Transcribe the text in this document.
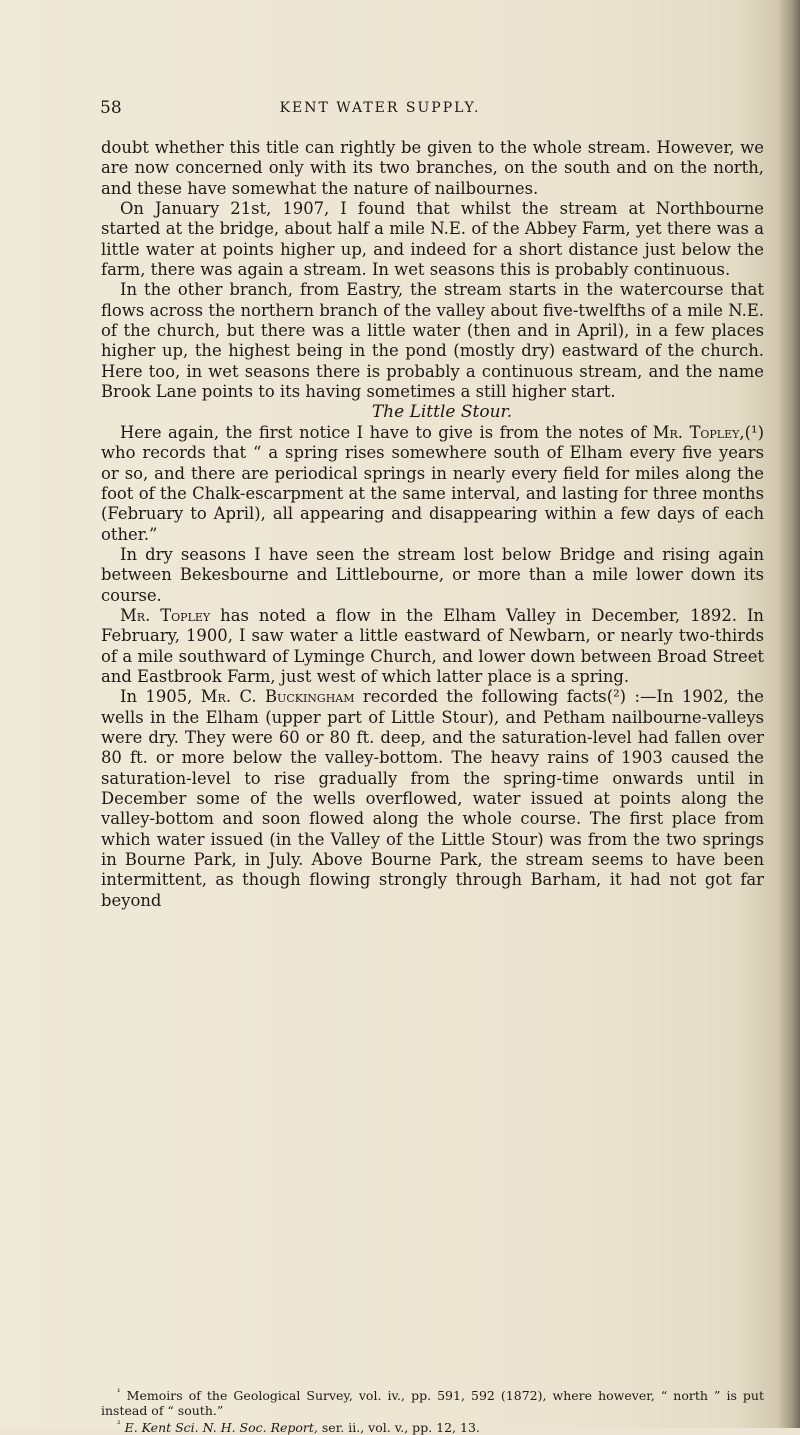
58	KENT WATER SUPPLY.

doubt whether this title can rightly be given to the whole stream. However, we are now concerned only with its two branches, on the south and on the north, and these have somewhat the nature of nailbournes.

On January 21st, 1907, I found that whilst the stream at Northbourne started at the bridge, about half a mile N.E. of the Abbey Farm, yet there was a little water at points higher up, and indeed for a short distance just below the farm, there was again a stream. In wet seasons this is probably continuous.

In the other branch, from Eastry, the stream starts in the watercourse that flows across the northern branch of the valley about five-twelfths of a mile N.E. of the church, but there was a little water (then and in April), in a few places higher up, the highest being in the pond (mostly dry) eastward of the church. Here too, in wet seasons there is probably a continuous stream, and the name Brook Lane points to its having sometimes a still higher start.

The Little Stour.

Here again, the first notice I have to give is from the notes of Mr. Topley,(¹) who records that “ a spring rises somewhere south of Elham every five years or so, and there are periodical springs in nearly every field for miles along the foot of the Chalk-escarpment at the same interval, and lasting for three months (February to April), all appearing and disappearing within a few days of each other.”

In dry seasons I have seen the stream lost below Bridge and rising again between Bekesbourne and Littlebourne, or more than a mile lower down its course.

Mr. Topley has noted a flow in the Elham Valley in December, 1892. In February, 1900, I saw water a little eastward of Newbarn, or nearly two-thirds of a mile southward of Lyminge Church, and lower down between Broad Street and Eastbrook Farm, just west of which latter place is a spring.

In 1905, Mr. C. Buckingham recorded the following facts(²) :—In 1902, the wells in the Elham (upper part of Little Stour), and Petham nailbourne-valleys were dry. They were 60 or 80 ft. deep, and the saturation-level had fallen over 80 ft. or more below the valley-bottom. The heavy rains of 1903 caused the saturation-level to rise gradually from the spring-time onwards until in December some of the wells overflowed, water issued at points along the valley-bottom and soon flowed along the whole course. The first place from which water issued (in the Valley of the Little Stour) was from the two springs in Bourne Park, in July. Above Bourne Park, the stream seems to have been intermittent, as though flowing strongly through Barham, it had not got far beyond

$^{^1}$ Memoirs of the Geological Survey, vol. iv., pp. 591, 592 (1872), where however, “ north ” is put instead of “ south.”

$^{^2}$ E. Kent Sci. N. H. Soc. Report, ser. ii., vol. v., pp. 12, 13.
